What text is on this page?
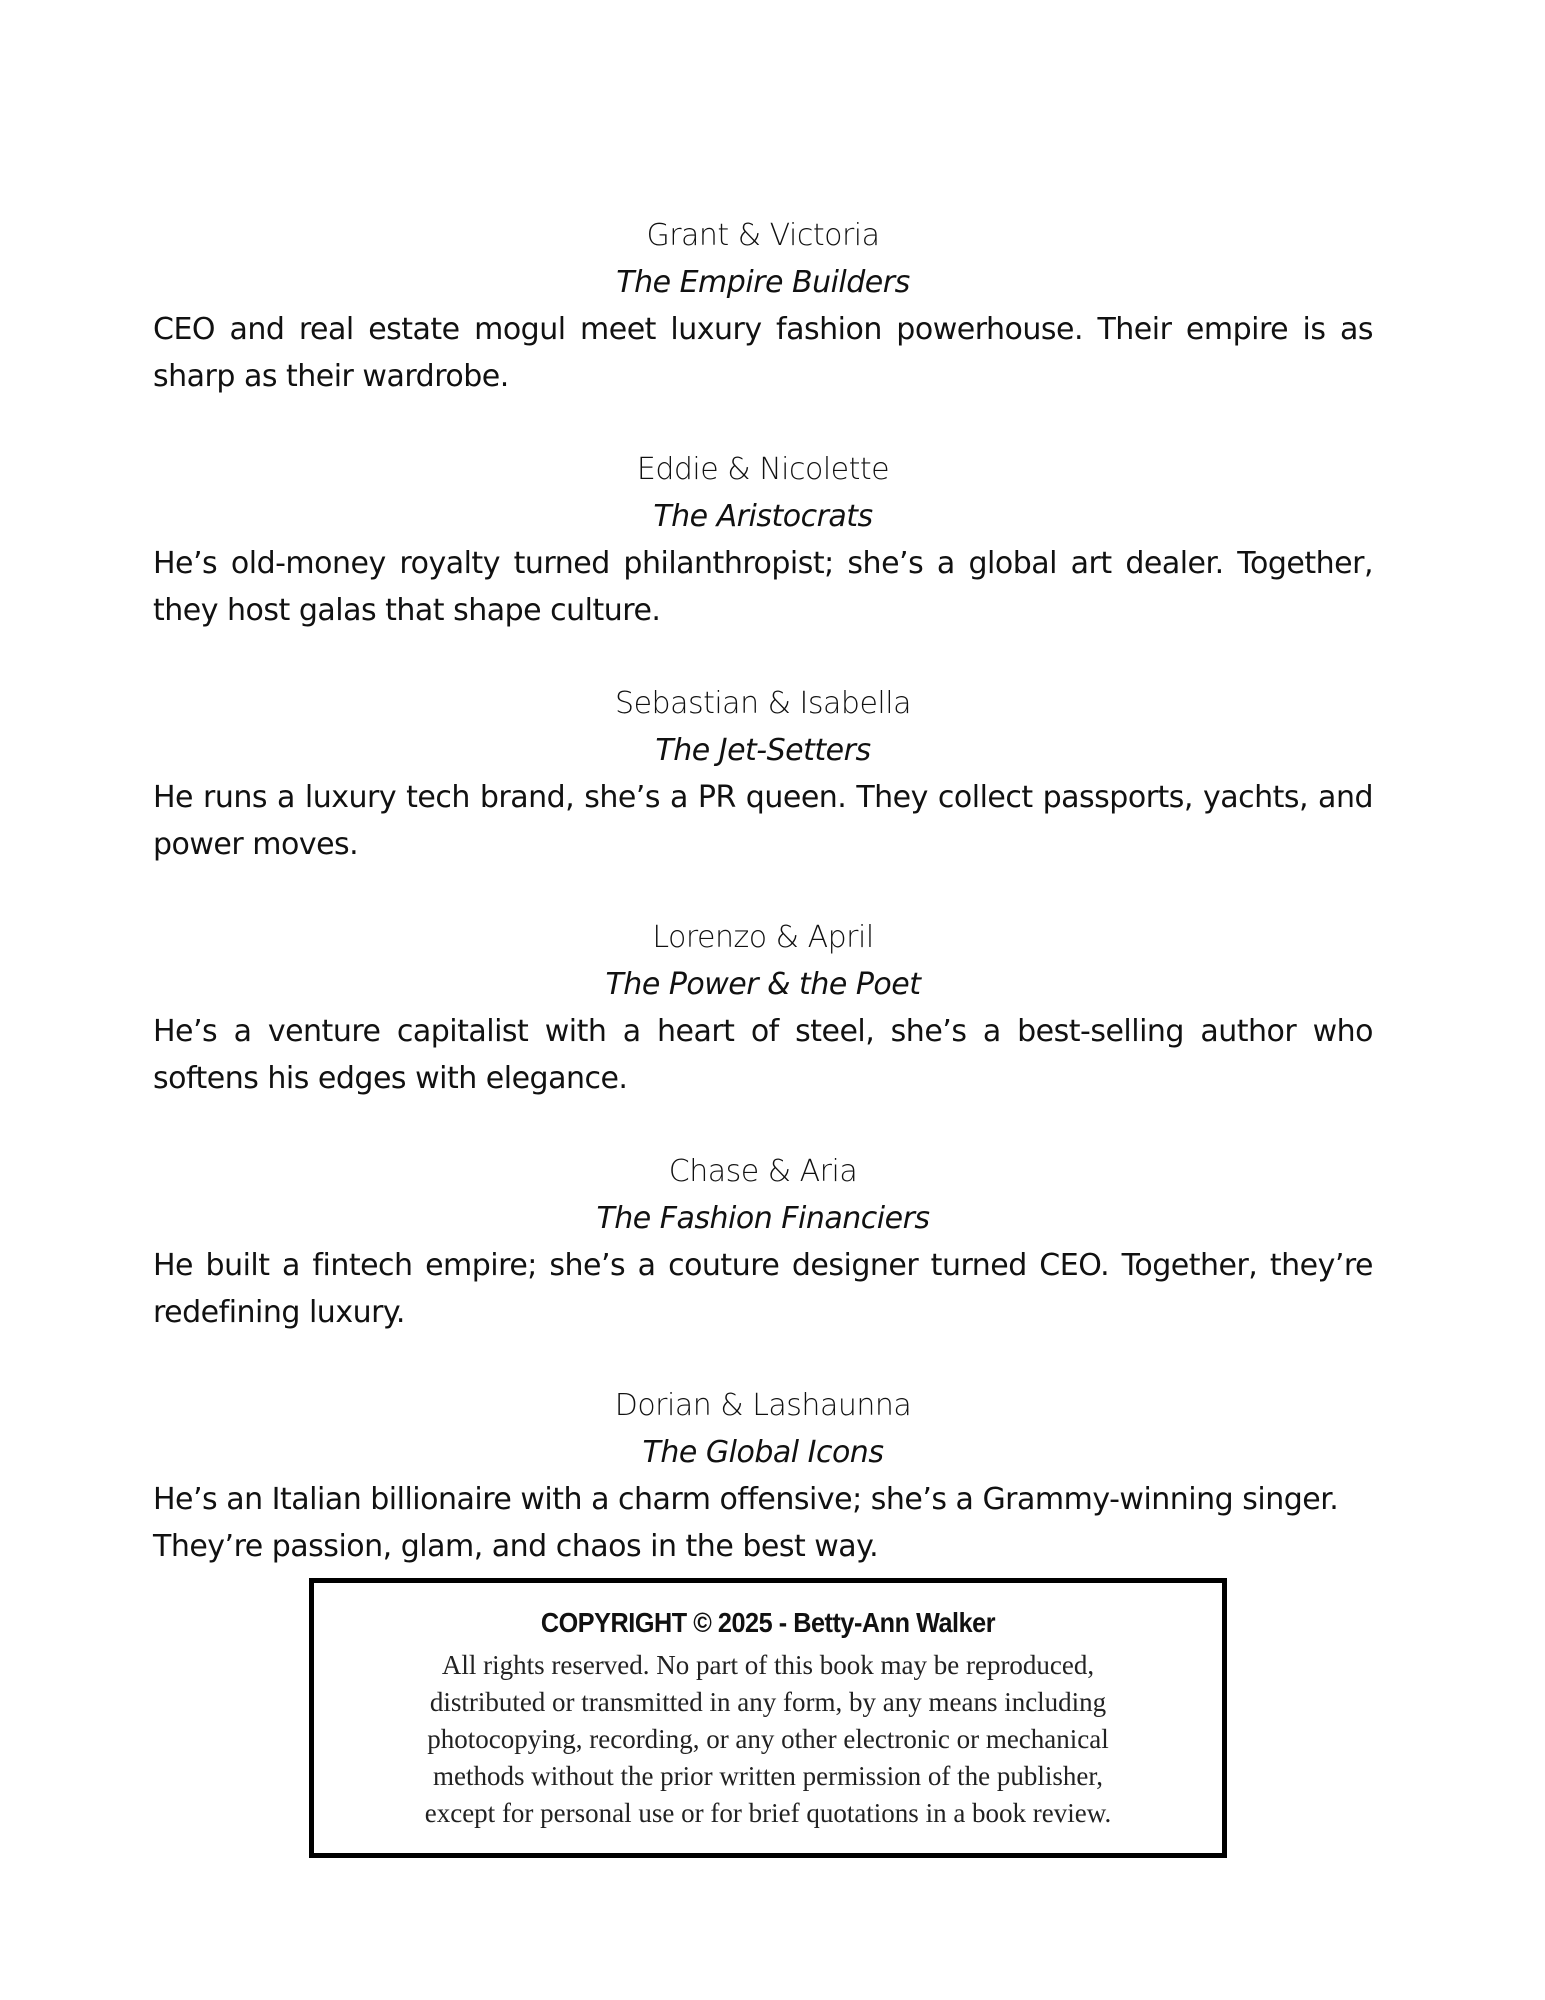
Grant & Victoria
The Empire Builders
CEO and real estate mogul meet luxury fashion powerhouse. Their empire is as sharp as their wardrobe.
Eddie & Nicolette
The Aristocrats
He’s old-money royalty turned philanthropist; she’s a global art dealer. Together, they host galas that shape culture.
Sebastian & Isabella
The Jet-Setters
He runs a luxury tech brand, she’s a PR queen. They collect passports, yachts, and power moves.
Lorenzo & April
The Power & the Poet
He’s a venture capitalist with a heart of steel, she’s a best-selling author who softens his edges with elegance.
Chase & Aria
The Fashion Financiers
He built a fintech empire; she’s a couture designer turned CEO. Together, they’re redefining luxury.
Dorian & Lashaunna
The Global Icons
He’s an Italian billionaire with a charm offensive; she’s a Grammy-winning singer. They’re passion, glam, and chaos in the best way.
COPYRIGHT © 2025 - Betty-Ann Walker
All rights reserved. No part of this book may be reproduced,
distributed or transmitted in any form, by any means including
photocopying, recording, or any other electronic or mechanical
methods without the prior written permission of the publisher,
except for personal use or for brief quotations in a book review.
